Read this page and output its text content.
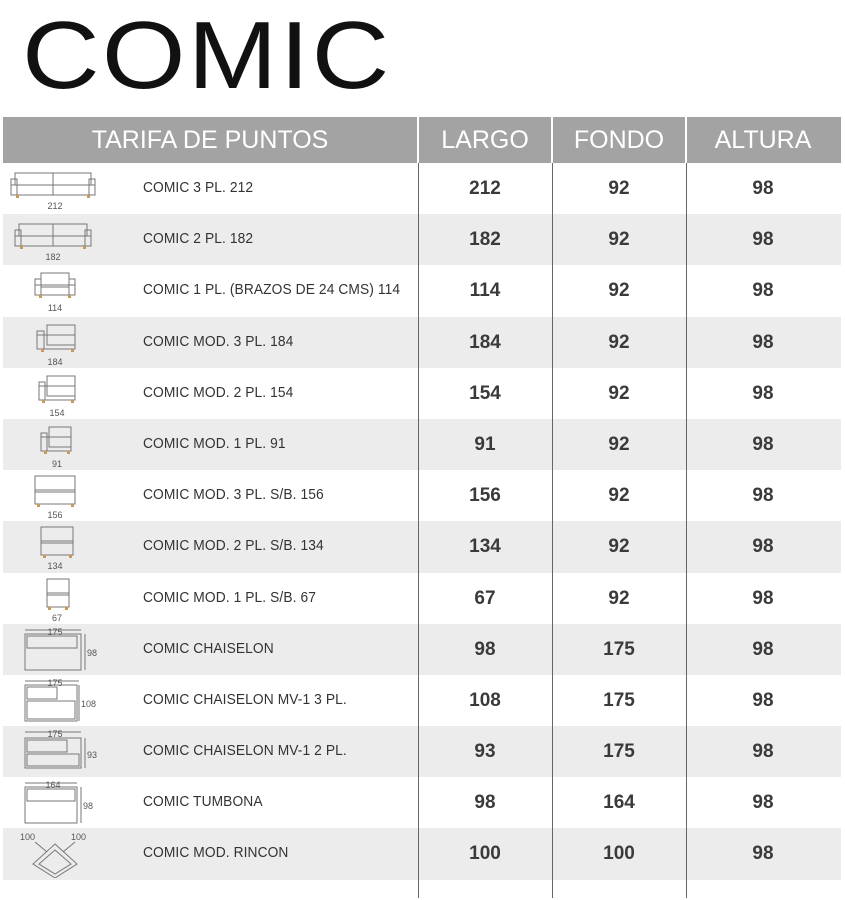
COMIC
TARIFA DE PUNTOS	LARGO	FONDO	ALTURA
212
COMIC 3 PL. 212	212	92	98
182
COMIC 2 PL. 182	182	92	98
114
COMIC 1 PL. (BRAZOS DE 24 CMS) 114	114	92	98
184
COMIC MOD. 3 PL. 184	184	92	98
154
COMIC MOD. 2 PL. 154	154	92	98
91
COMIC MOD. 1 PL. 91	91	92	98
156
COMIC MOD. 3 PL. S/B. 156	156	92	98
134
COMIC MOD. 2 PL. S/B. 134	134	92	98
67
COMIC MOD. 1 PL. S/B. 67	67	92	98
175
98	COMIC CHAISELON	98	175	98
175
108	COMIC CHAISELON MV-1 3 PL.	108	175	98
175
93	COMIC CHAISELON MV-1 2 PL.	93	175	98
164
98	COMIC TUMBONA	98	164	98
100	100
COMIC MOD. RINCON	100	100	98
